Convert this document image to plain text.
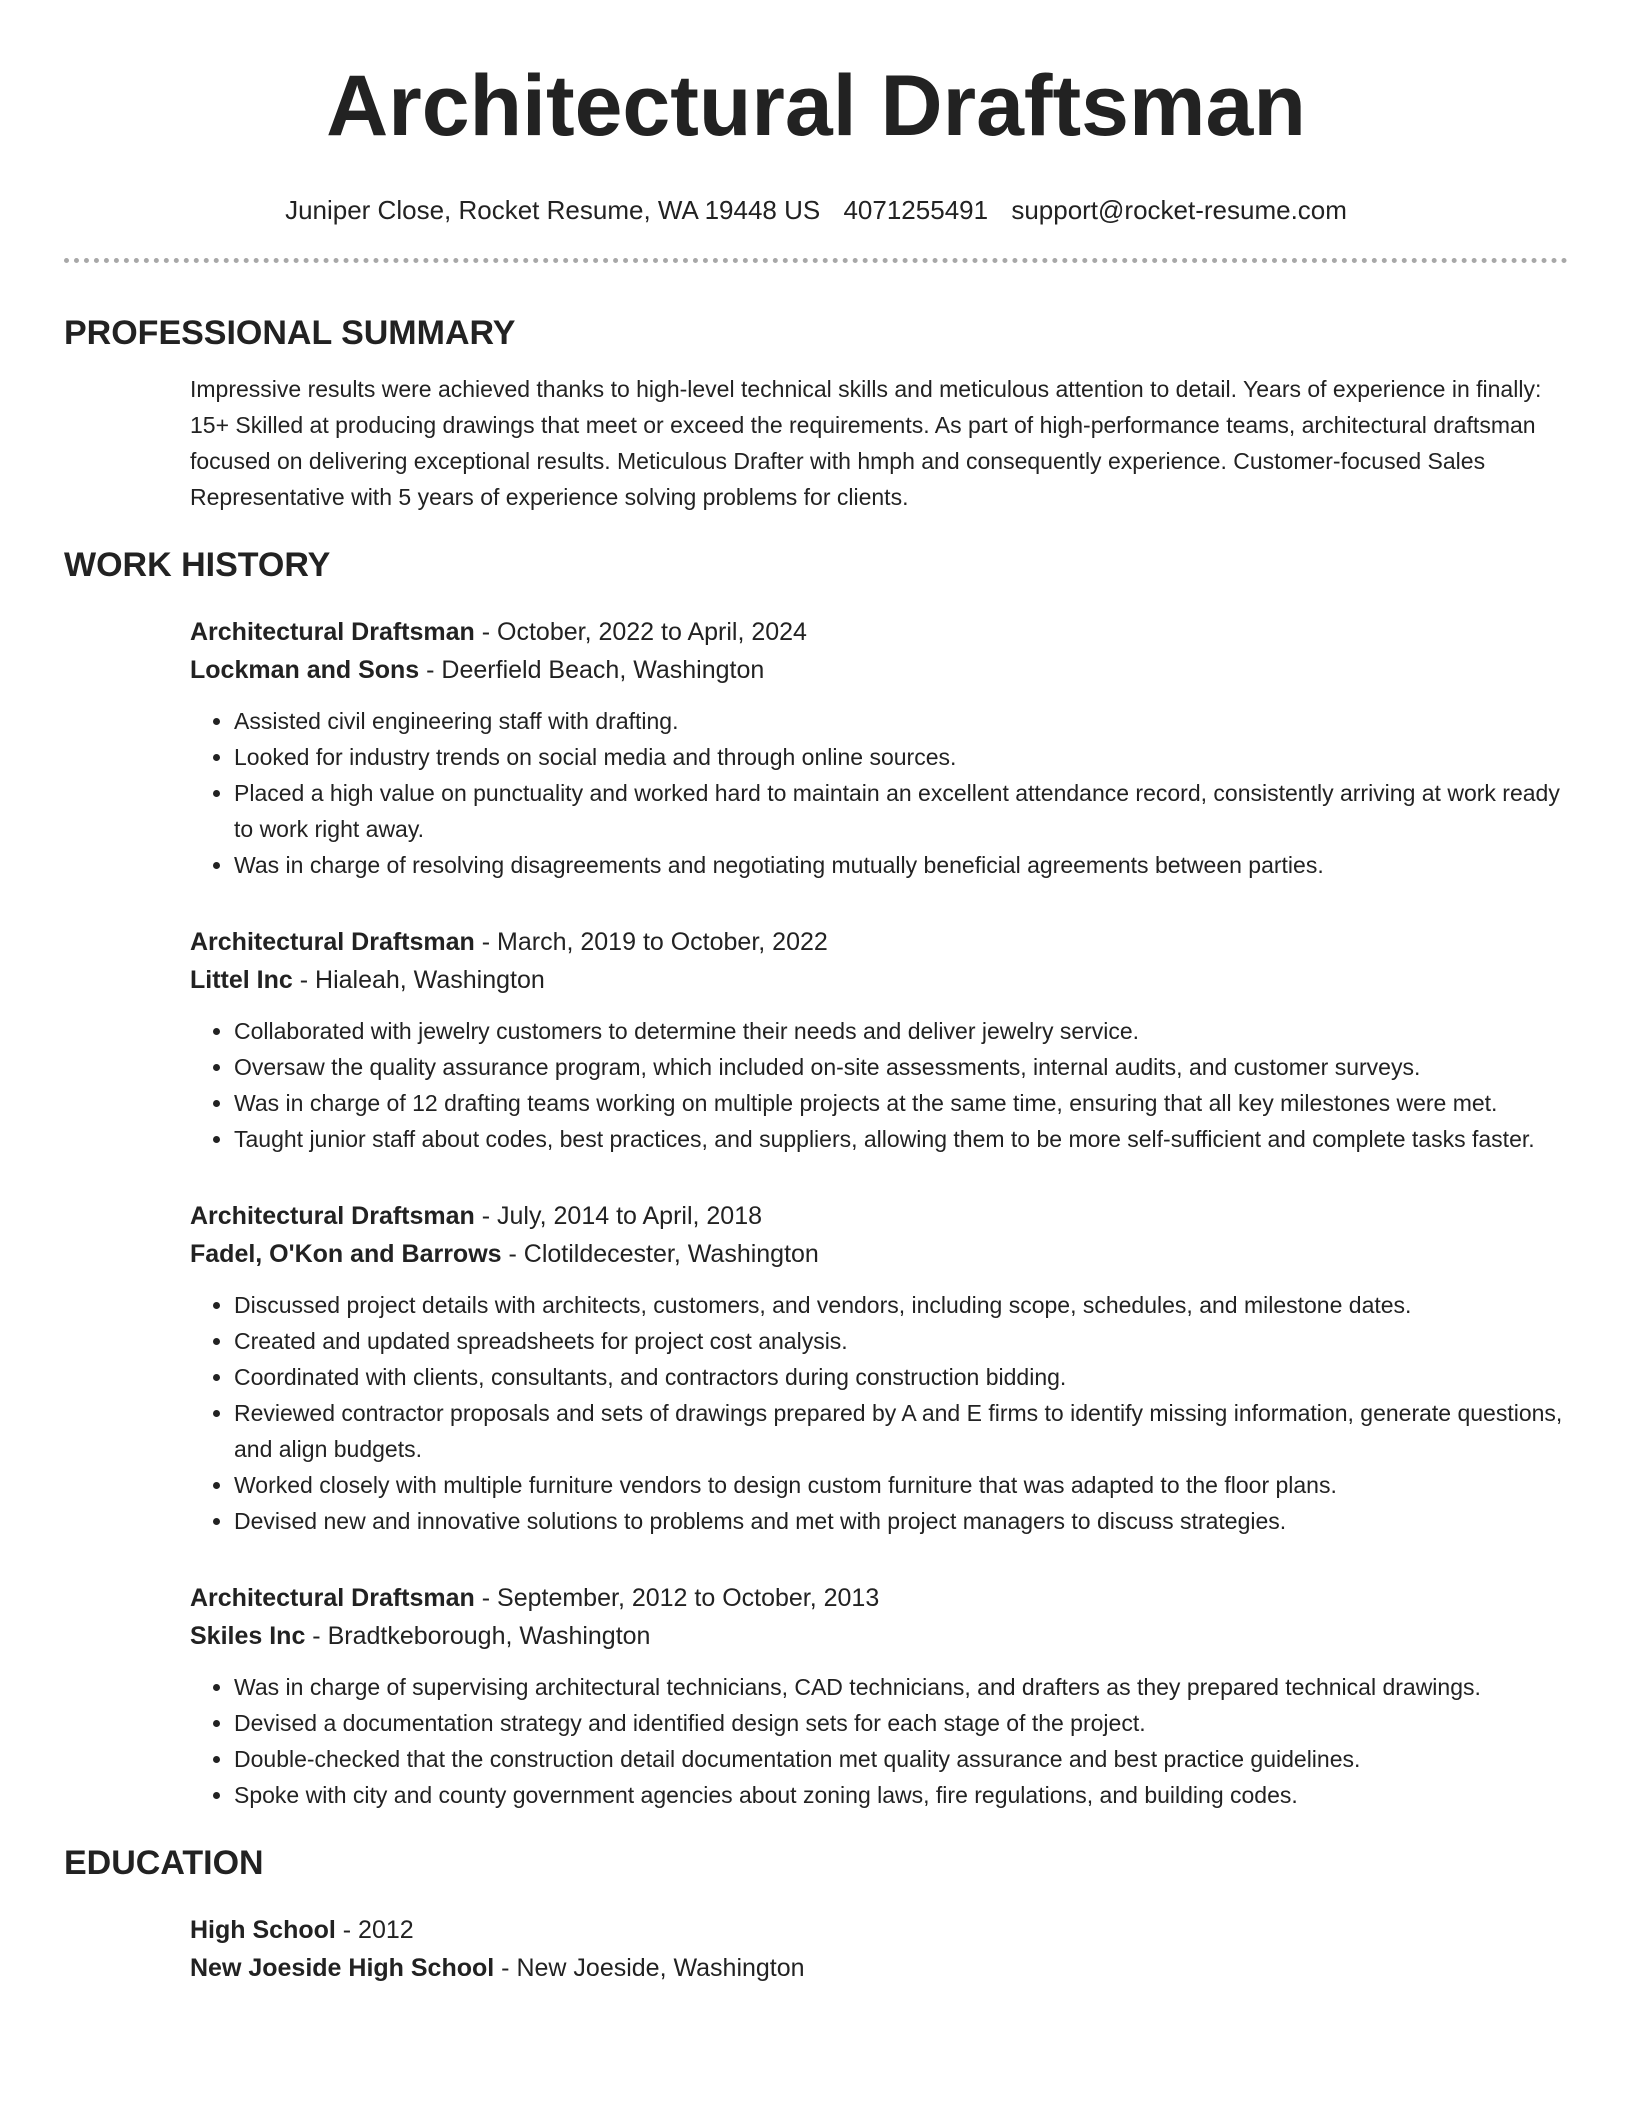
Architectural Draftsman
Juniper Close, Rocket Resume, WA 19448 US 4071255491 support@rocket-resume.com
PROFESSIONAL SUMMARY
Impressive results were achieved thanks to high-level technical skills and meticulous attention to detail. Years of experience in finally: 15+ Skilled at producing drawings that meet or exceed the requirements. As part of high-performance teams, architectural draftsman focused on delivering exceptional results. Meticulous Drafter with hmph and consequently experience. Customer-focused Sales Representative with 5 years of experience solving problems for clients.
WORK HISTORY
Architectural Draftsman - October, 2022 to April, 2024
Lockman and Sons - Deerfield Beach, Washington
• Assisted civil engineering staff with drafting.
• Looked for industry trends on social media and through online sources.
• Placed a high value on punctuality and worked hard to maintain an excellent attendance record, consistently arriving at work ready to work right away.
• Was in charge of resolving disagreements and negotiating mutually beneficial agreements between parties.
Architectural Draftsman - March, 2019 to October, 2022
Littel Inc - Hialeah, Washington
• Collaborated with jewelry customers to determine their needs and deliver jewelry service.
• Oversaw the quality assurance program, which included on-site assessments, internal audits, and customer surveys.
• Was in charge of 12 drafting teams working on multiple projects at the same time, ensuring that all key milestones were met.
• Taught junior staff about codes, best practices, and suppliers, allowing them to be more self-sufficient and complete tasks faster.
Architectural Draftsman - July, 2014 to April, 2018
Fadel, O'Kon and Barrows - Clotildecester, Washington
• Discussed project details with architects, customers, and vendors, including scope, schedules, and milestone dates.
• Created and updated spreadsheets for project cost analysis.
• Coordinated with clients, consultants, and contractors during construction bidding.
• Reviewed contractor proposals and sets of drawings prepared by A and E firms to identify missing information, generate questions, and align budgets.
• Worked closely with multiple furniture vendors to design custom furniture that was adapted to the floor plans.
• Devised new and innovative solutions to problems and met with project managers to discuss strategies.
Architectural Draftsman - September, 2012 to October, 2013
Skiles Inc - Bradtkeborough, Washington
• Was in charge of supervising architectural technicians, CAD technicians, and drafters as they prepared technical drawings.
• Devised a documentation strategy and identified design sets for each stage of the project.
• Double-checked that the construction detail documentation met quality assurance and best practice guidelines.
• Spoke with city and county government agencies about zoning laws, fire regulations, and building codes.
EDUCATION
High School - 2012
New Joeside High School - New Joeside, Washington
